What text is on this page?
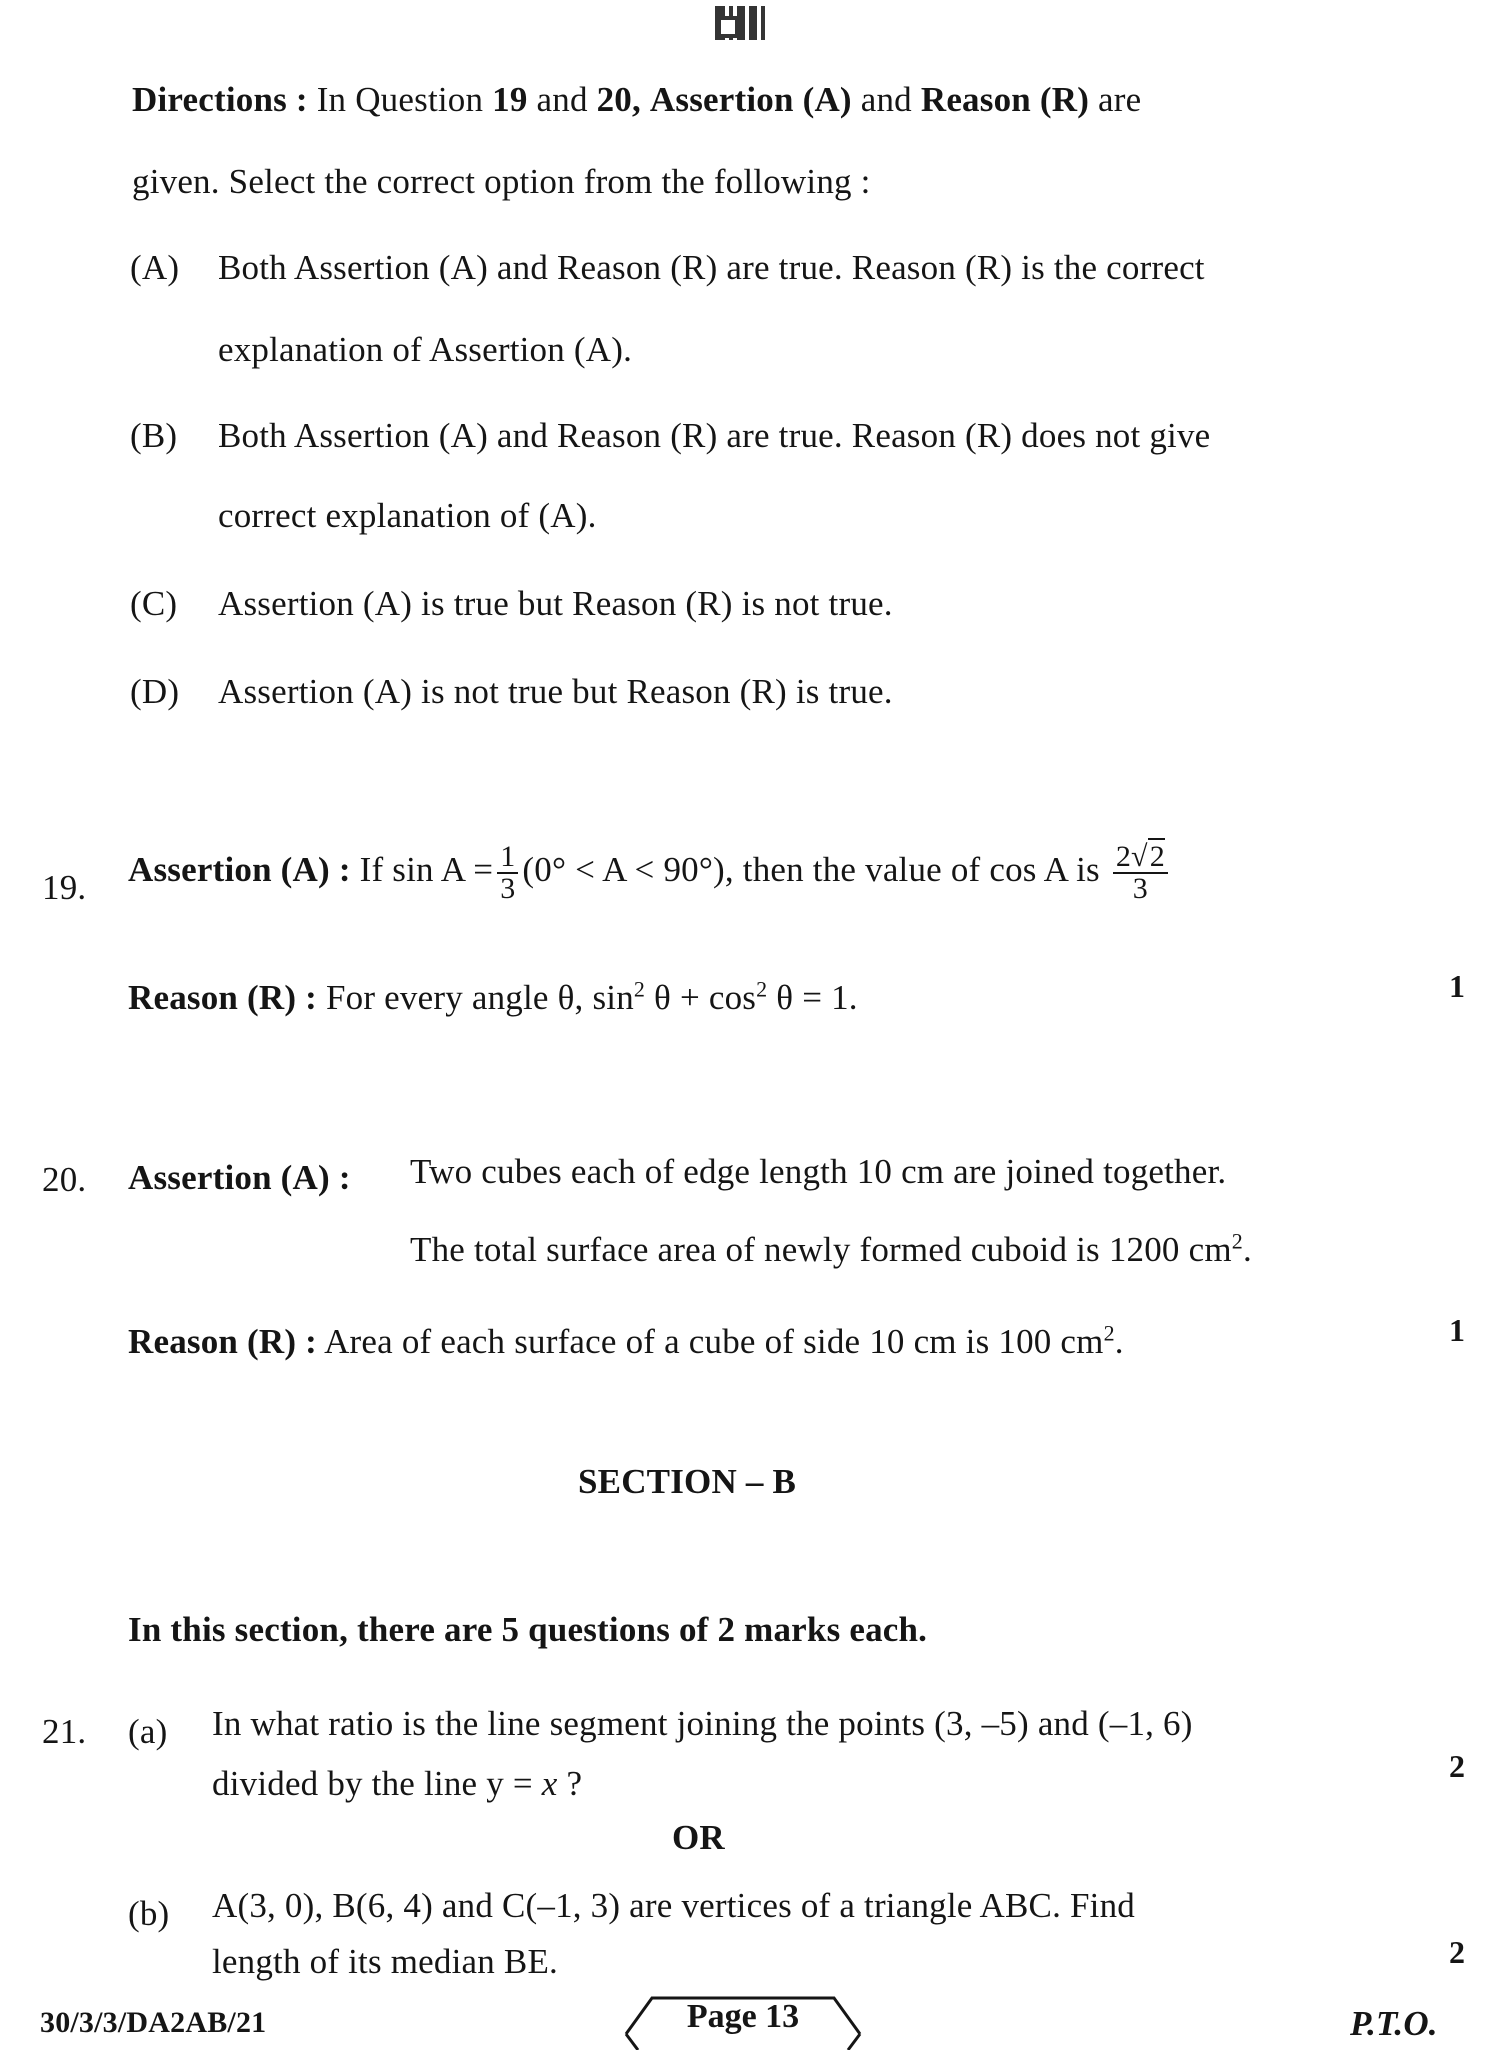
Directions : In Question 19 and 20, Assertion (A) and Reason (R) are
given. Select the correct option from the following :
(A) Both Assertion (A) and Reason (R) are true. Reason (R) is the correct
explanation of Assertion (A).
(B) Both Assertion (A) and Reason (R) are true. Reason (R) does not give
correct explanation of (A).
(C) Assertion (A) is true but Reason (R) is not true.
(D) Assertion (A) is not true but Reason (R) is true.
19. Assertion (A) : If $\sin A = \frac{1}{3} (0^\circ < A < 90^\circ)$, then the value of cos A is $\frac{2√2}{3}$
Reason (R) : For every angle θ, $\sin^2 \theta + \cos^2 \theta = 1$.	1
20. Assertion (A) : Two cubes each of edge length 10 cm are joined together.
The total surface area of newly formed cuboid is 1200 $cm^2$.
Reason (R) : Area of each surface of a cube of side 10 cm is 100 $cm^2$.	1
SECTION – B
In this section, there are 5 questions of 2 marks each.
21. (a) In what ratio is the line segment joining the points (3, –5) and (–1, 6)
divided by the line y = x ?	2
OR
(b) A(3, 0), B(6, 4) and C(–1, 3) are vertices of a triangle ABC. Find
length of its median BE.	2
30/3/3/DA2AB/21	Page 13	P.T.O.
